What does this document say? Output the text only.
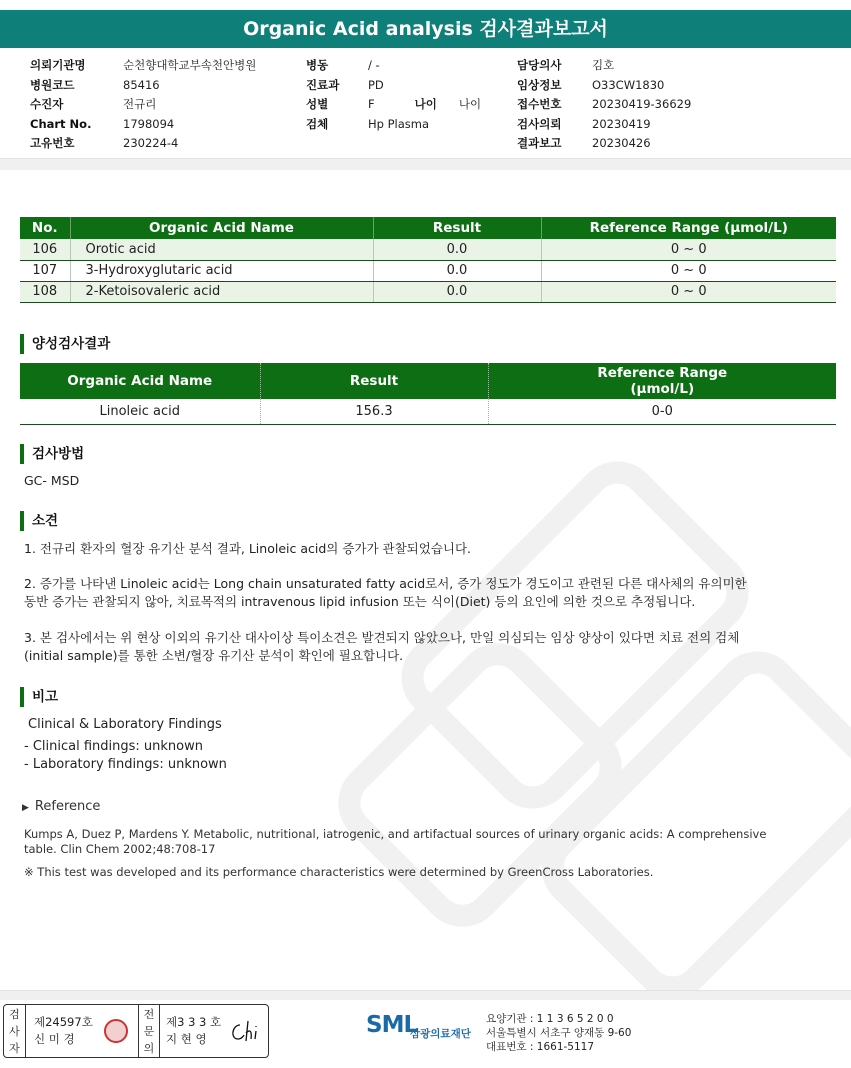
Organic Acid analysis 검사결과보고서
의뢰기관명	순천향대학교부속천안병원
병원코드	85416
수진자	전규리
Chart No.	1798094
고유번호	230224-4
병동	/ -
진료과 PD
성별	F	나이 나이
검체	Hp Plasma
담당의사	김호
임상정보	O33CW1830
접수번호	20230419-36629
검사의뢰	20230419
결과보고	20230426
No.	Organic Acid Name	Result	Reference Range (μmol/L)
106	Orotic acid	0.0	0 ~ 0
107	3-Hydroxyglutaric acid	0.0	0 ~ 0
108	2-Ketoisovaleric acid	0.0	0 ~ 0
양성검사결과
Organic Acid Name	Result	Reference Range
(μmol/L)

Linoleic acid	156.3	0-0
검사방법
GC- MSD
소견
1. 전규리 환자의 혈장 유기산 분석 결과, Linoleic acid의 증가가 관찰되었습니다.
2. 증가를 나타낸 Linoleic acid는 Long chain unsaturated fatty acid로서, 증가 정도가 경도이고 관련된 다른 대사체의 유의미한
동반 증가는 관찰되지 않아, 치료목적의 intravenous lipid infusion 또는 식이(Diet) 등의 요인에 의한 것으로 추정됩니다.
3. 본 검사에서는 위 현상 이외의 유기산 대사이상 특이소견은 발견되지 않았으나, 만일 의심되는 임상 양상이 있다면 치료 전의 검체
(initial sample)를 통한 소변/혈장 유기산 분석이 확인에 필요합니다.
비고
Clinical & Laboratory Findings
- Clinical findings: unknown
- Laboratory findings: unknown
▶ Reference
Kumps A, Duez P, Mardens Y. Metabolic, nutritional, iatrogenic, and artifactual sources of urinary organic acids: A comprehensive
table. Clin Chem 2002;48:708-17
※ This test was developed and its performance characteristics were determined by GreenCross Laboratories.
검
사
자
제24597호
신 미 경
전
문
의
제3 3 3 호
지 현 영
SML
삼광의료재단
요양기관 : 1 1 3 6 5 2 0 0
서울특별시 서초구 양재동 9-60
대표번호 : 1661-5117
